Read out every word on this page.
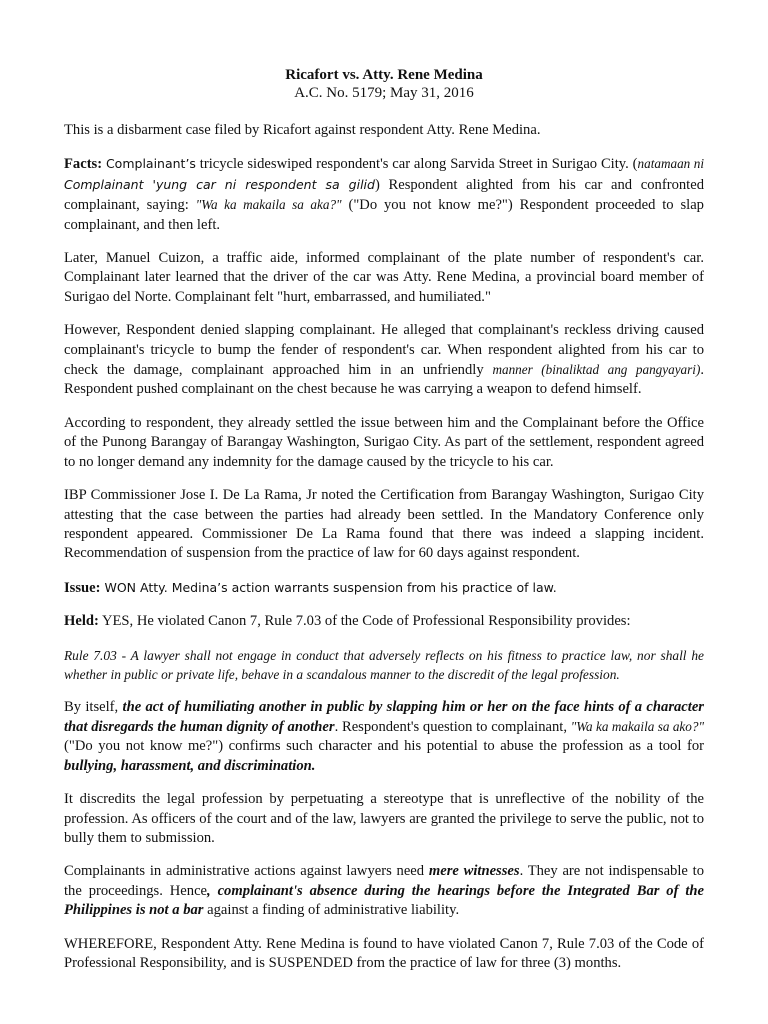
Ricafort vs. Atty. Rene Medina
A.C. No. 5179; May 31, 2016

This is a disbarment case filed by Ricafort against respondent Atty. Rene Medina.

Facts: Complainant’s tricycle sideswiped respondent's car along Sarvida Street in Surigao City. (natamaan ni Complainant 'yung car ni respondent sa gilid) Respondent alighted from his car and confronted complainant, saying: "Wa ka makaila sa aka?" ("Do you not know me?") Respondent proceeded to slap complainant, and then left.

Later, Manuel Cuizon, a traffic aide, informed complainant of the plate number of respondent's car. Complainant later learned that the driver of the car was Atty. Rene Medina, a provincial board member of Surigao del Norte. Complainant felt "hurt, embarrassed, and humiliated."

However, Respondent denied slapping complainant. He alleged that complainant's reckless driving caused complainant's tricycle to bump the fender of respondent's car. When respondent alighted from his car to check the damage, complainant approached him in an unfriendly manner (binaliktad ang pangyayari). Respondent pushed complainant on the chest because he was carrying a weapon to defend himself.

According to respondent, they already settled the issue between him and the Complainant before the Office of the Punong Barangay of Barangay Washington, Surigao City. As part of the settlement, respondent agreed to no longer demand any indemnity for the damage caused by the tricycle to his car.

IBP Commissioner Jose I. De La Rama, Jr noted the Certification from Barangay Washington, Surigao City attesting that the case between the parties had already been settled. In the Mandatory Conference only respondent appeared. Commissioner De La Rama found that there was indeed a slapping incident. Recommendation of suspension from the practice of law for 60 days against respondent.

Issue: WON Atty. Medina’s action warrants suspension from his practice of law.

Held: YES, He violated Canon 7, Rule 7.03 of the Code of Professional Responsibility provides:

Rule 7.03 - A lawyer shall not engage in conduct that adversely reflects on his fitness to practice law, nor shall he whether in public or private life, behave in a scandalous manner to the discredit of the legal profession.

By itself, the act of humiliating another in public by slapping him or her on the face hints of a character that disregards the human dignity of another. Respondent's question to complainant, "Wa ka makaila sa ako?" ("Do you not know me?") confirms such character and his potential to abuse the profession as a tool for bullying, harassment, and discrimination.

It discredits the legal profession by perpetuating a stereotype that is unreflective of the nobility of the profession. As officers of the court and of the law, lawyers are granted the privilege to serve the public, not to bully them to submission.

Complainants in administrative actions against lawyers need mere witnesses. They are not indispensable to the proceedings. Hence, complainant's absence during the hearings before the Integrated Bar of the Philippines is not a bar against a finding of administrative liability.

WHEREFORE, Respondent Atty. Rene Medina is found to have violated Canon 7, Rule 7.03 of the Code of Professional Responsibility, and is SUSPENDED from the practice of law for three (3) months.
